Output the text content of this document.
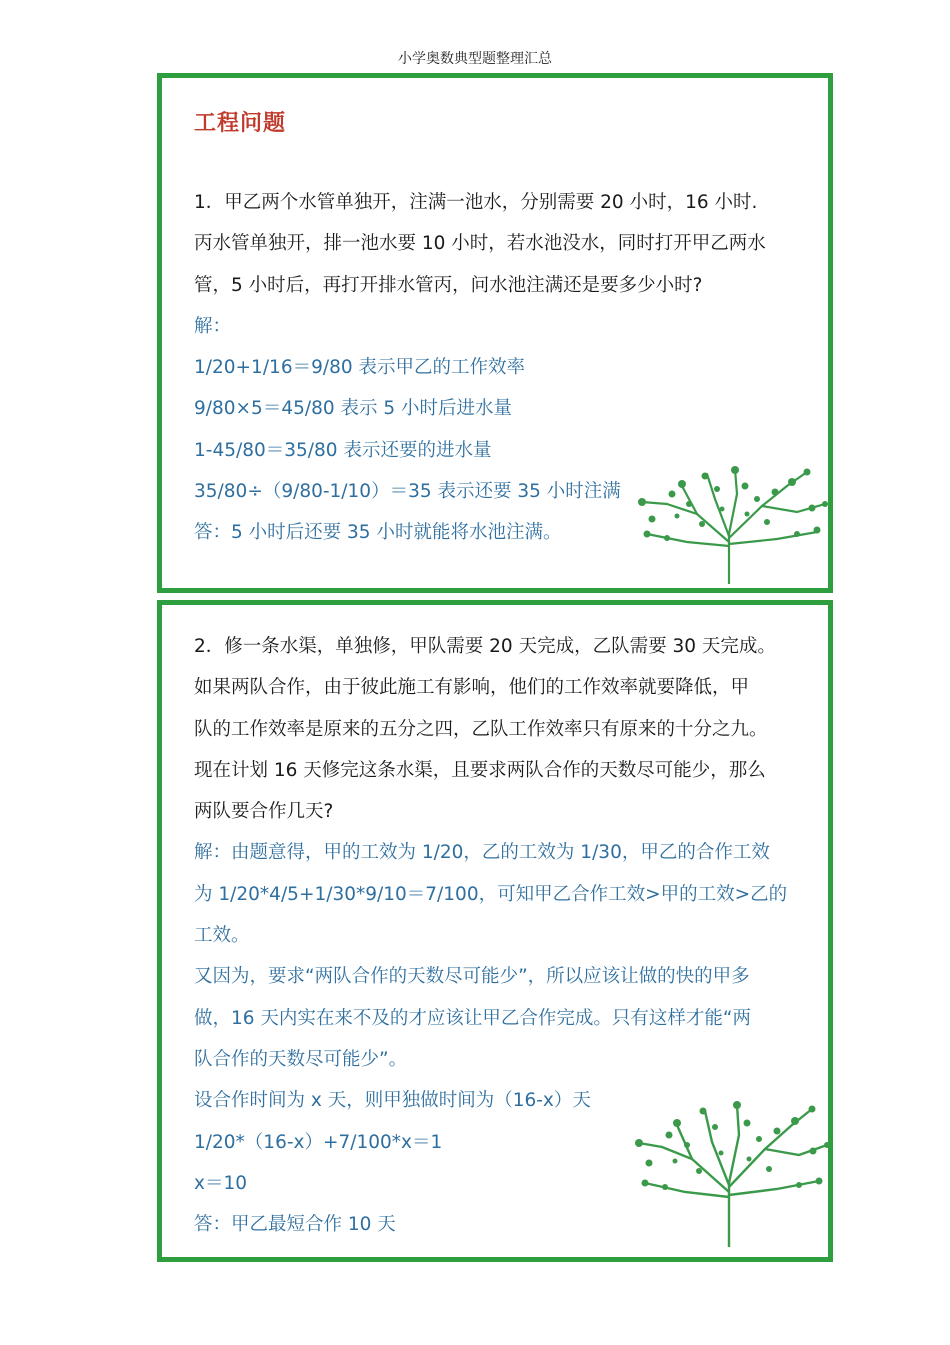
小学奥数典型题整理汇总
工程问题
1．甲乙两个水管单独开，注满一池水，分别需要 20 小时，16 小时.
丙水管单独开，排一池水要 10 小时，若水池没水，同时打开甲乙两水
管，5 小时后，再打开排水管丙，问水池注满还是要多少小时?
解：
1/20+1/16＝9/80 表示甲乙的工作效率
9/80×5＝45/80 表示 5 小时后进水量
1-45/80＝35/80 表示还要的进水量
35/80÷（9/80-1/10）＝35 表示还要 35 小时注满
答：5 小时后还要 35 小时就能将水池注满。
2．修一条水渠，单独修，甲队需要 20 天完成，乙队需要 30 天完成。
如果两队合作，由于彼此施工有影响，他们的工作效率就要降低，甲
队的工作效率是原来的五分之四，乙队工作效率只有原来的十分之九。
现在计划 16 天修完这条水渠，且要求两队合作的天数尽可能少，那么
两队要合作几天?
解：由题意得，甲的工效为 1/20，乙的工效为 1/30，甲乙的合作工效
为 1/20*4/5+1/30*9/10＝7/100，可知甲乙合作工效>甲的工效>乙的
工效。
又因为，要求“两队合作的天数尽可能少”，所以应该让做的快的甲多
做，16 天内实在来不及的才应该让甲乙合作完成。只有这样才能“两
队合作的天数尽可能少”。
设合作时间为 x 天，则甲独做时间为（16-x）天
1/20*（16-x）+7/100*x＝1
x＝10
答：甲乙最短合作 10 天
